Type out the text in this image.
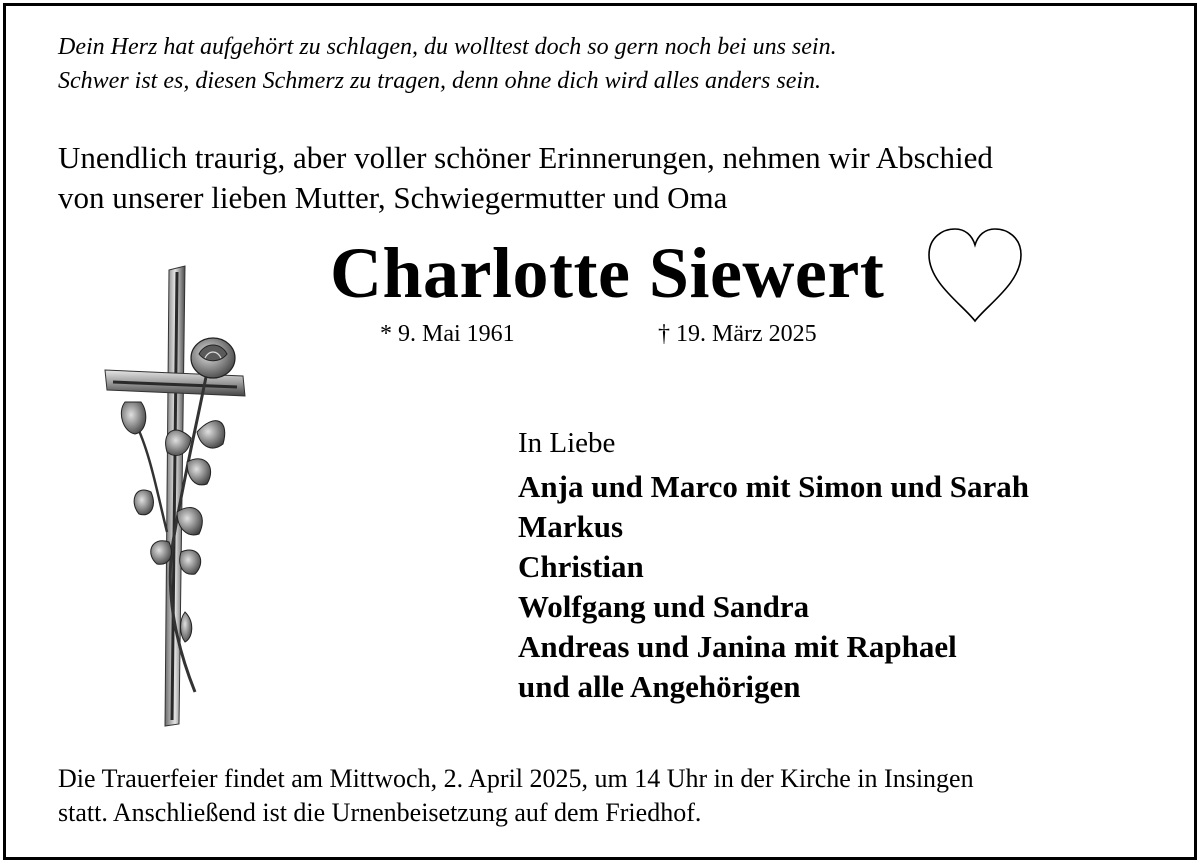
Dein Herz hat aufgehört zu schlagen, du wolltest doch so gern noch bei uns sein.
Schwer ist es, diesen Schmerz zu tragen, denn ohne dich wird alles anders sein.
Unendlich traurig, aber voller schöner Erinnerungen, nehmen wir Abschied
von unserer lieben Mutter, Schwiegermutter und Oma
Charlotte Siewert
* 9. Mai 1961	† 19. März 2025
In Liebe
Anja und Marco mit Simon und Sarah
Markus
Christian
Wolfgang und Sandra
Andreas und Janina mit Raphael
und alle Angehörigen
Die Trauerfeier findet am Mittwoch, 2. April 2025, um 14 Uhr in der Kirche in Insingen
statt. Anschließend ist die Urnenbeisetzung auf dem Friedhof.
